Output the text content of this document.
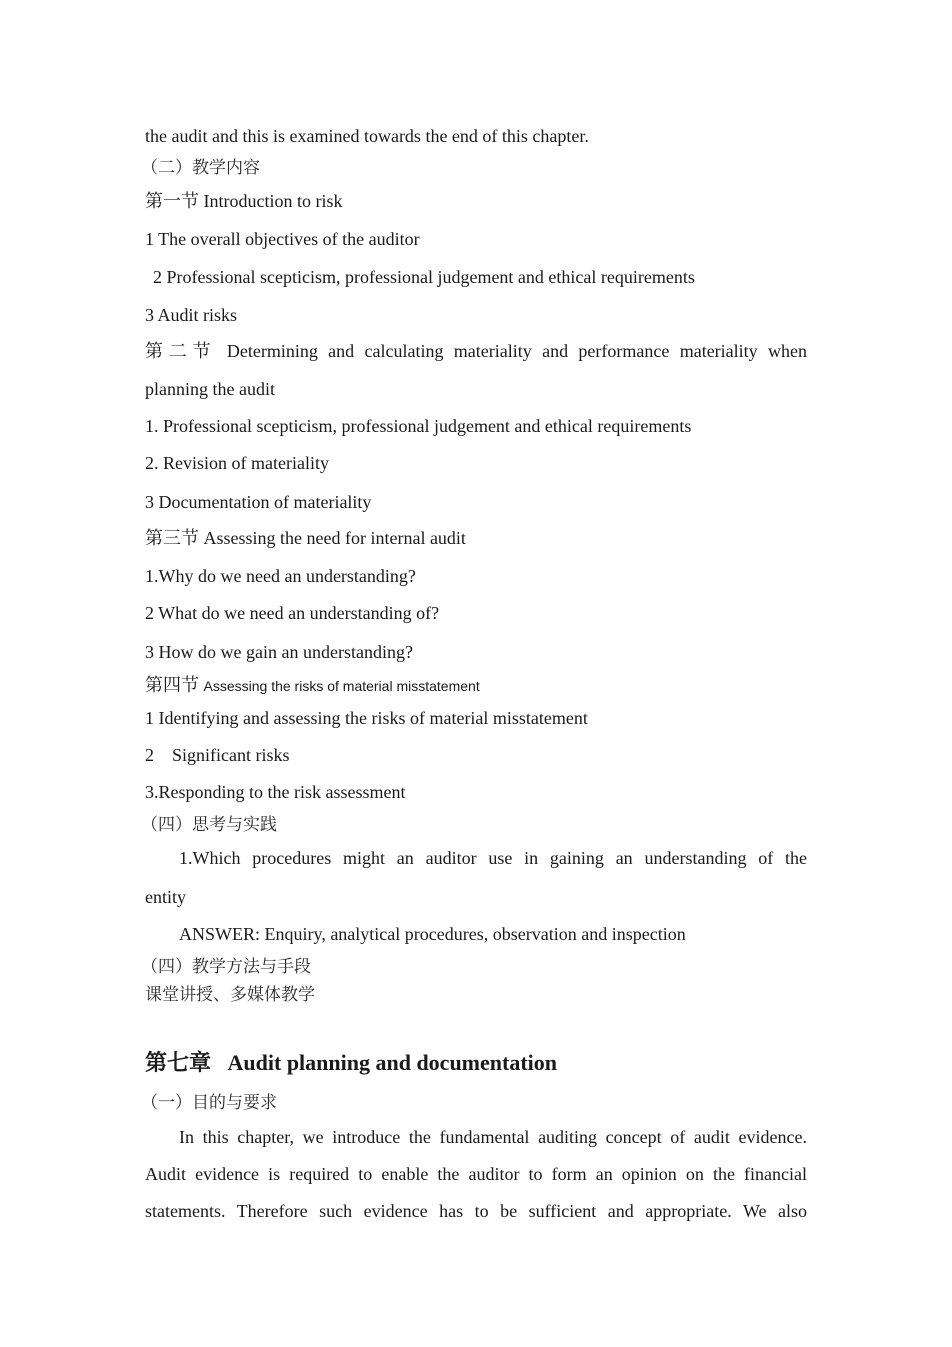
the audit and this is examined towards the end of this chapter.
（二）教学内容
第一节 Introduction to risk
1 The overall objectives of the auditor
2 Professional scepticism, professional judgement and ethical requirements
3 Audit risks
第二节 Determining and calculating materiality and performance materiality when
planning the audit
1. Professional scepticism, professional judgement and ethical requirements
2. Revision of materiality
3 Documentation of materiality
第三节 Assessing the need for internal audit
1.Why do we need an understanding?
2 What do we need an understanding of?
3 How do we gain an understanding?
第四节 Assessing the risks of material misstatement
1 Identifying and assessing the risks of material misstatement
2    Significant risks
3.Responding to the risk assessment
（四）思考与实践
1.Which procedures might an auditor use in gaining an understanding of the
entity
ANSWER: Enquiry, analytical procedures, observation and inspection
（四）教学方法与手段
课堂讲授、多媒体教学
第七章 Audit planning and documentation
（一）目的与要求
In this chapter, we introduce the fundamental auditing concept of audit evidence.
Audit evidence is required to enable the auditor to form an opinion on the financial
statements. Therefore such evidence has to be sufficient and appropriate. We also
